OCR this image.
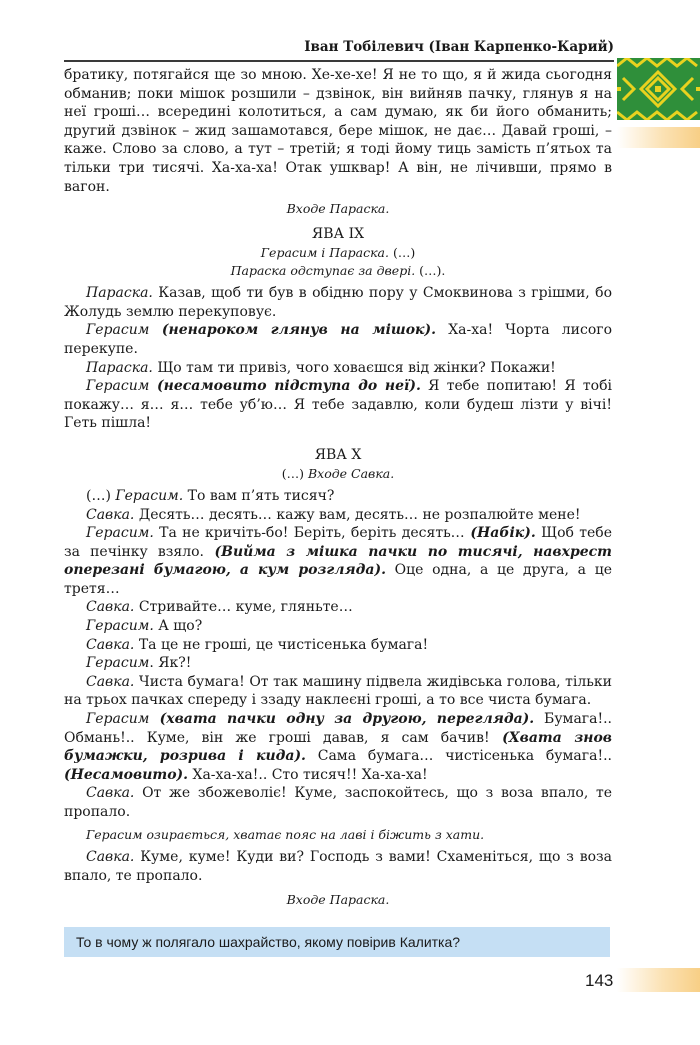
Іван Тобілевич (Іван Карпенко-Карий)

братику, потягайся ще зо мною. Хе-хе-хе! Я не то що, я й жида сьогодня обманив; поки мішок розшили – дзвінок, він вийняв пачку, глянув я на неї гроші… всередині колотиться, а сам думаю, як би його обманить; другий дзвінок – жид зашамотався, бере мішок, не дає… Давай гроші, – каже. Слово за слово, а тут – третій; я тоді йому тиць замість п’ятьох та тільки три тисячі. Ха-ха-ха! Отак ушквар! А він, не лічивши, прямо в вагон.

Входе Параска.

ЯВА IX

Герасим і Параска. (…)

Параска одступає за двері. (…).

Параска. Казав, щоб ти був в обідню пору у Смоквинова з грішми, бо Жолудь землю перекуповує.

Герасим (ненароком глянув на мішок). Ха-ха! Чорта лисого перекупе.

Параска. Що там ти привіз, чого ховаєшся від жінки? Покажи!

Герасим (несамовито підступа до неї). Я тебе попитаю! Я тобі покажу… я… я… тебе уб’ю… Я тебе задавлю, коли будеш лізти у вічі! Геть пішла!

ЯВА X

(…) Входе Савка.

(…) Герасим. То вам п’ять тисяч?

Савка. Десять… десять… кажу вам, десять… не розпалюйте мене!

Герасим. Та не кричіть-бо! Беріть, беріть десять… (Набік). Щоб тебе за печінку взяло. (Вийма з мішка пачки по тисячі, навхрест оперезані бумагою, а кум розгляда). Оце одна, а це друга, а це третя…

Савка. Стривайте… куме, гляньте…

Герасим. А що?

Савка. Та це не гроші, це чистісенька бумага!

Герасим. Як?!

Савка. Чиста бумага! От так машину підвела жидівська голова, тільки на трьох пачках спереду і ззаду наклеєні гроші, а то все чиста бумага.

Герасим (хвата пачки одну за другою, перегляда). Бумага!.. Обмань!.. Куме, він же гроші давав, я сам бачив! (Хвата знов бумажки, розрива і кида). Сама бумага… чистісенька бумага!.. (Несамовито). Ха-ха-ха!.. Сто тисяч!! Ха-ха-ха!

Савка. От же збожеволіє! Куме, заспокойтесь, що з воза впало, те пропало.

Герасим озирається, хватає пояс на лаві і біжить з хати.

Савка. Куме, куме! Куди ви? Господь з вами! Схаменіться, що з воза впало, те пропало.

Входе Параска.

То в чому ж полягало шахрайство, якому повірив Калитка?
143
